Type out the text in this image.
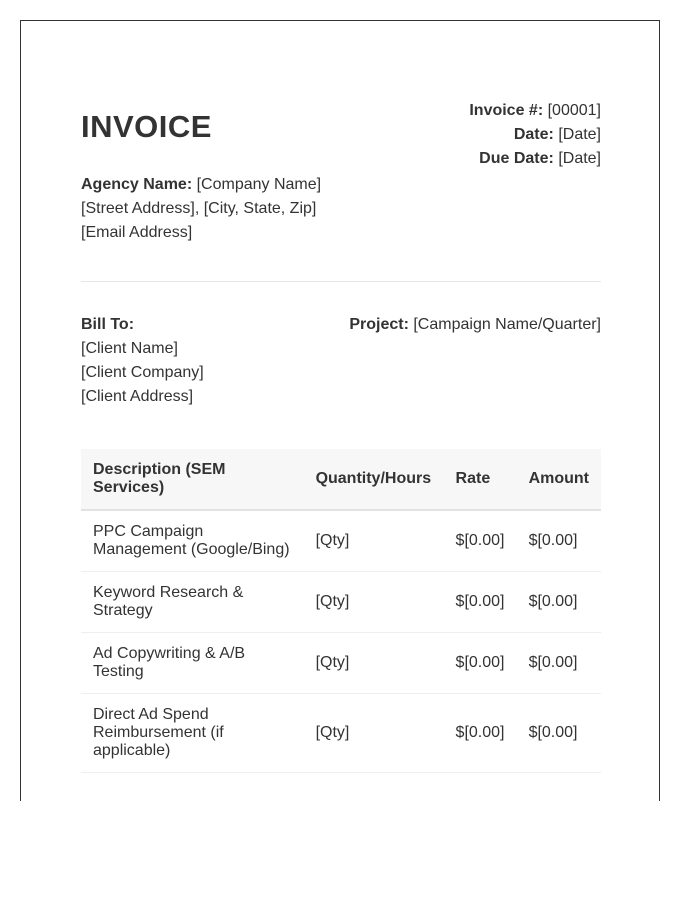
INVOICE	Invoice #: [00001]
Date: [Date]
Due Date: [Date]
Agency Name: [Company Name]
[Street Address], [City, State, Zip]
[Email Address]
Bill To:
[Client Name]
[Client Company]
[Client Address]
Project: [Campaign Name/Quarter]
Description (SEM Services)	Quantity/Hours	Rate	Amount
PPC Campaign Management (Google/Bing)	[Qty]	$[0.00]	$[0.00]
Keyword Research & Strategy	[Qty]	$[0.00]	$[0.00]
Ad Copywriting & A/B Testing	[Qty]	$[0.00]	$[0.00]
Direct Ad Spend Reimbursement (if applicable)	[Qty]	$[0.00]	$[0.00]
